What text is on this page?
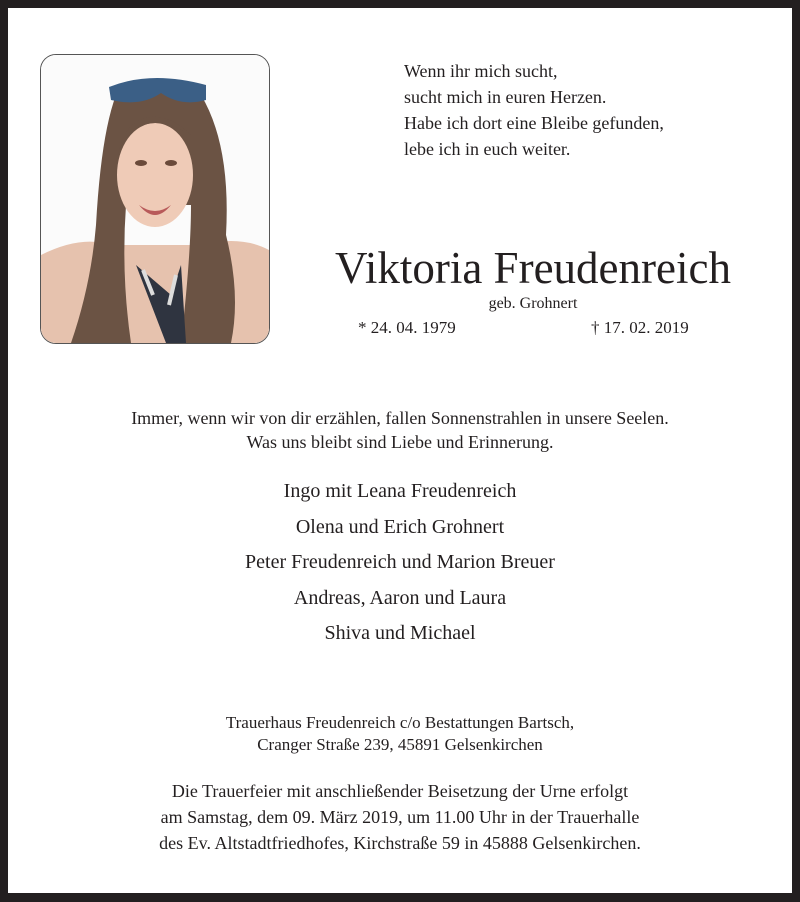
Wenn ihr mich sucht,
sucht mich in euren Herzen.
Habe ich dort eine Bleibe gefunden,
lebe ich in euch weiter.
Viktoria Freudenreich
geb. Grohnert
* 24. 04. 1979	† 17. 02. 2019
Immer, wenn wir von dir erzählen, fallen Sonnenstrahlen in unsere Seelen.
Was uns bleibt sind Liebe und Erinnerung.
Ingo mit Leana Freudenreich
Olena und Erich Grohnert
Peter Freudenreich und Marion Breuer
Andreas, Aaron und Laura
Shiva und Michael
Trauerhaus Freudenreich c/o Bestattungen Bartsch,
Cranger Straße 239, 45891 Gelsenkirchen
Die Trauerfeier mit anschließender Beisetzung der Urne erfolgt
am Samstag, dem 09. März 2019, um 11.00 Uhr in der Trauerhalle
des Ev. Altstadtfriedhofes, Kirchstraße 59 in 45888 Gelsenkirchen.
